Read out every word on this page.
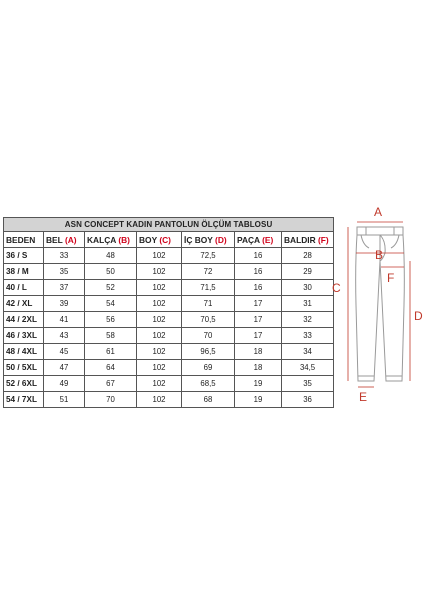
ASN CONCEPT KADIN PANTOLUN ÖLÇÜM TABLOSU						
BEDEN	BEL (A)	KALÇA (B)	BOY (C)	İÇ BOY (D)	PAÇA (E)	BALDIR (F)
36 / S	33	48	102	72,5	16	28
38 / M	35	50	102	72	16	29
40 / L	37	52	102	71,5	16	30
42 / XL	39	54	102	71	17	31
44 / 2XL	41	56	102	70,5	17	32
46 / 3XL	43	58	102	70	17	33
48 / 4XL	45	61	102	96,5	18	34
50 / 5XL	47	64	102	69	18	34,5
52 / 6XL	49	67	102	68,5	19	35
54 / 7XL	51	70	102	68	19	36
A
B
C
D
E
F
